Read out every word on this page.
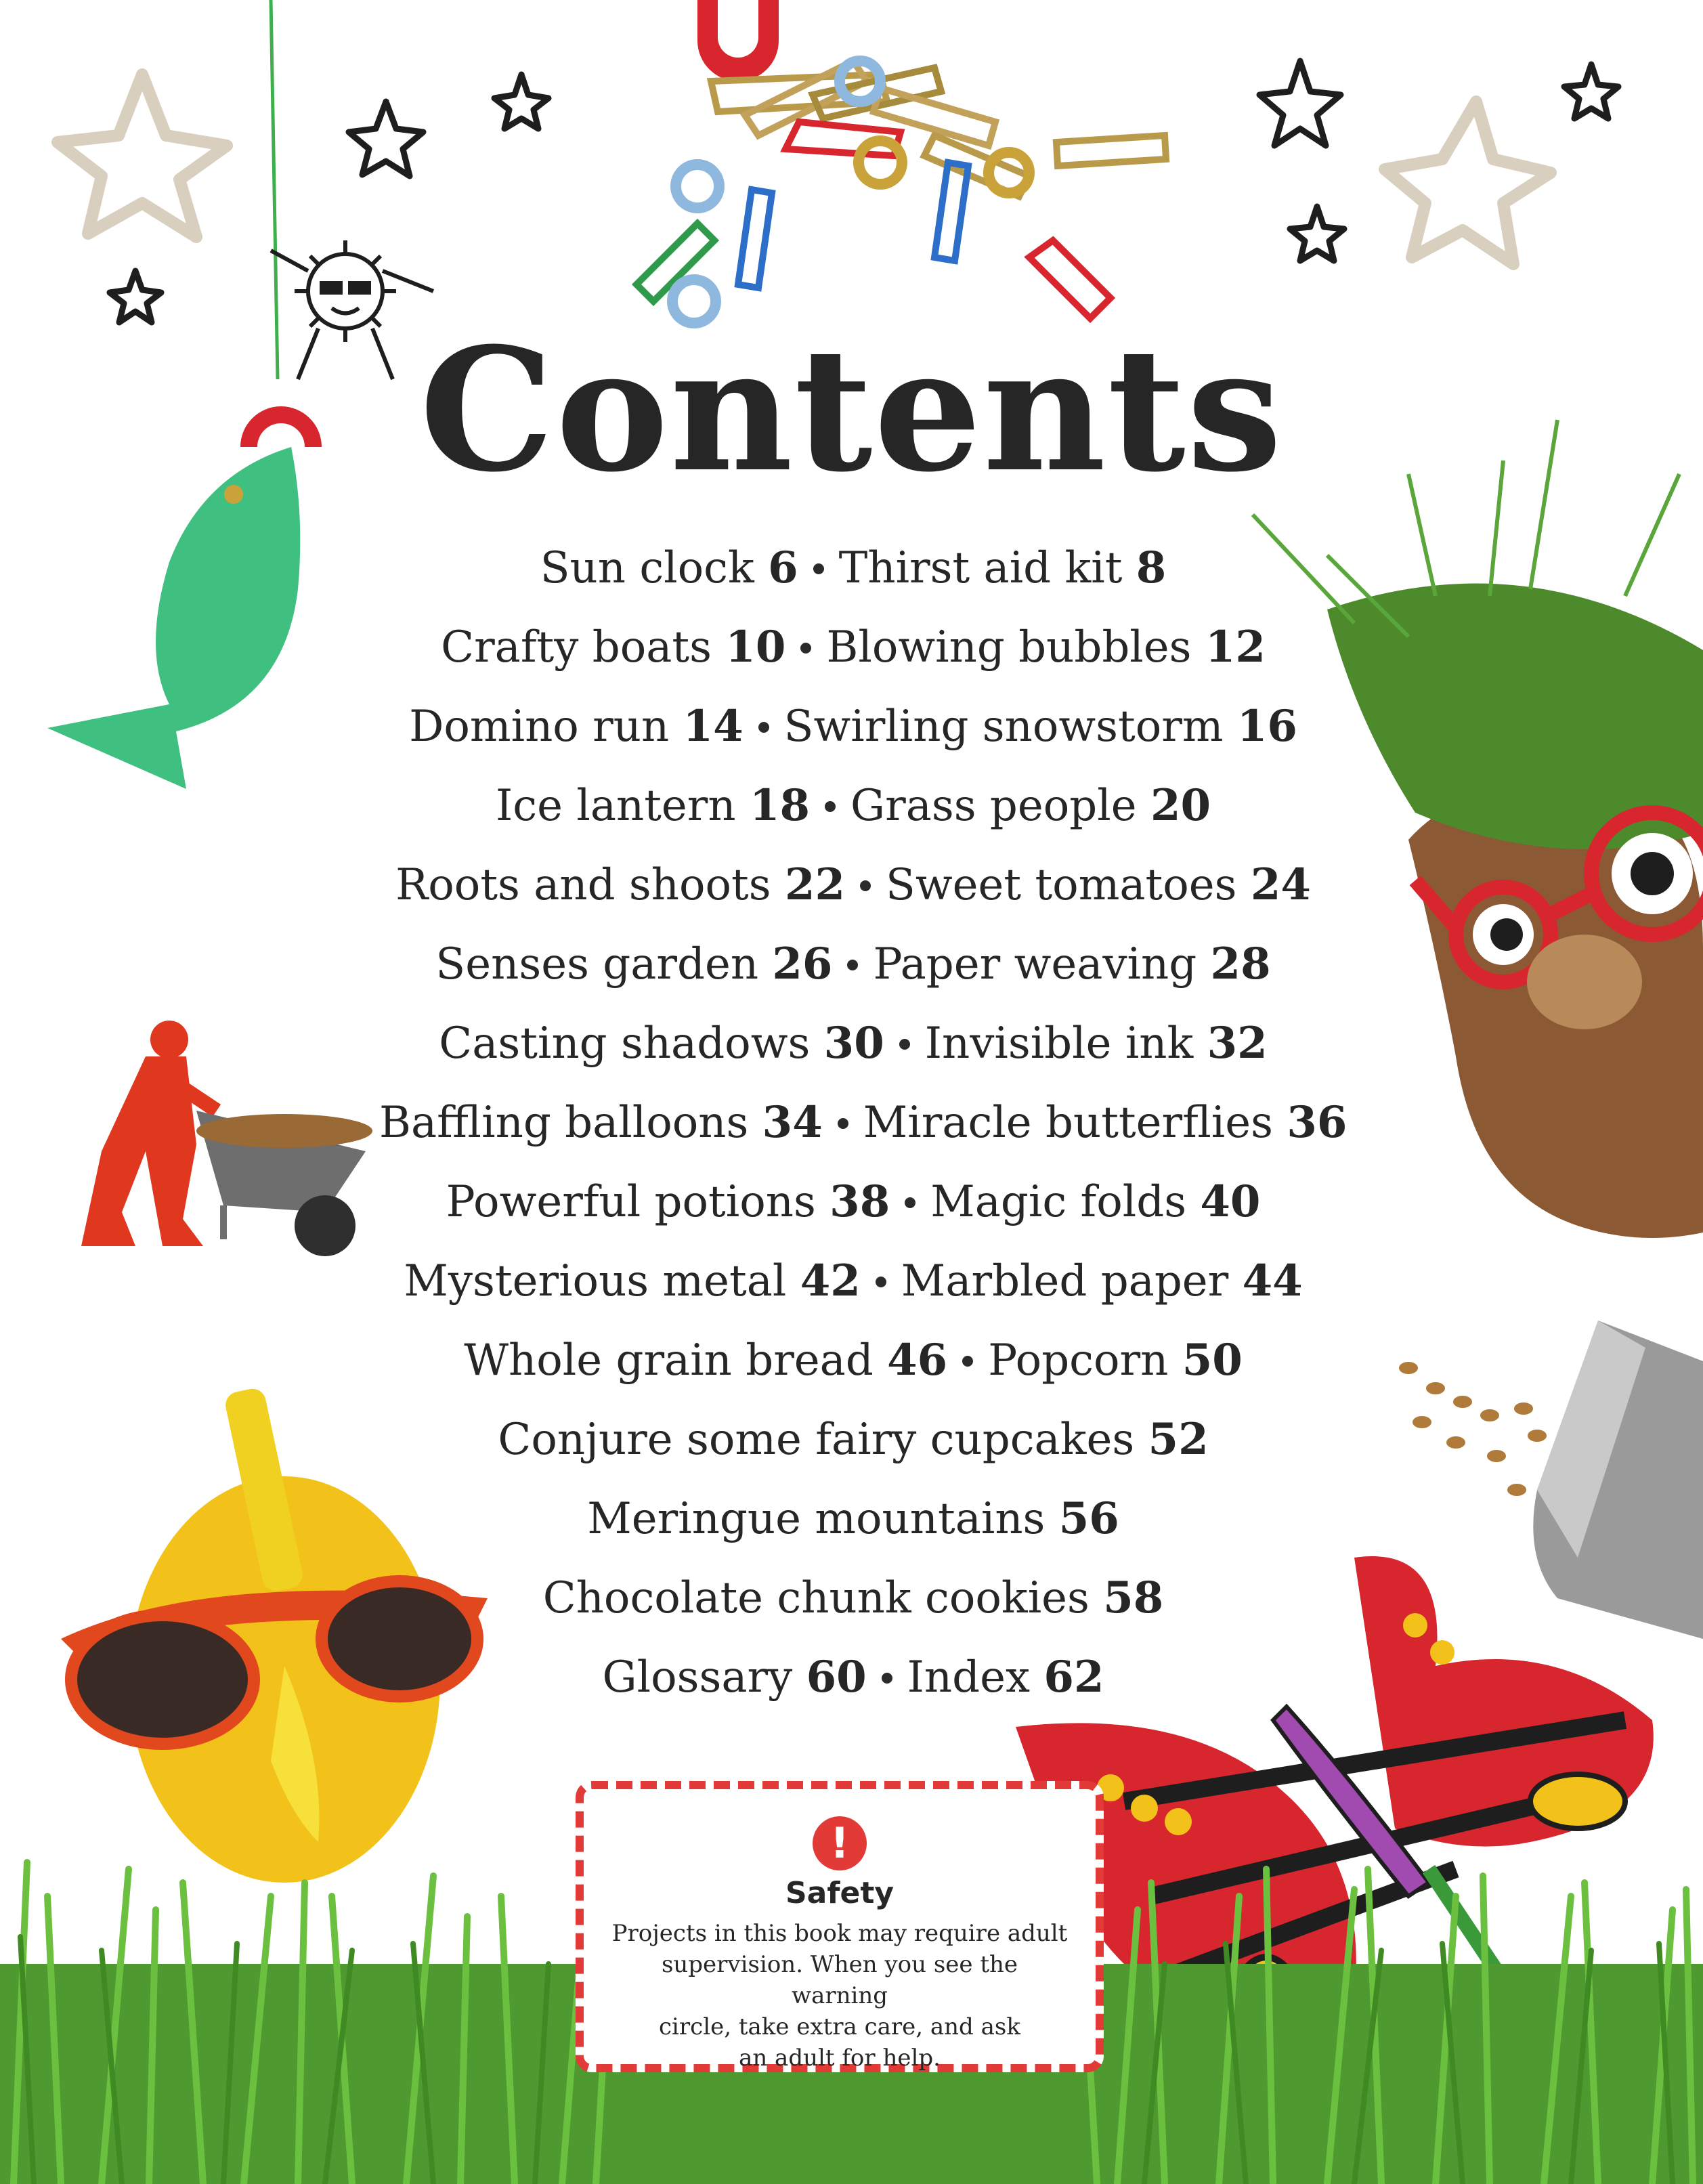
Contents
Sun clock 6 Thirst aid kit 8
Crafty boats 10 Blowing bubbles 12
Domino run 14 Swirling snowstorm 16
Ice lantern 18 Grass people 20
Roots and shoots 22 Sweet tomatoes 24
Senses garden 26 Paper weaving 28
Casting shadows 30 Invisible ink 32
Baffling balloons 34 Miracle butterflies 36
Powerful potions 38 Magic folds 40
Mysterious metal 42 Marbled paper 44
Whole grain bread 46 Popcorn 50
Conjure some fairy cupcakes 52
Meringue mountains 56
Chocolate chunk cookies 58
Glossary 60 Index 62
!
Safety
Projects in this book may require adult
supervision. When you see the warning
circle, take extra care, and ask
an adult for help.
